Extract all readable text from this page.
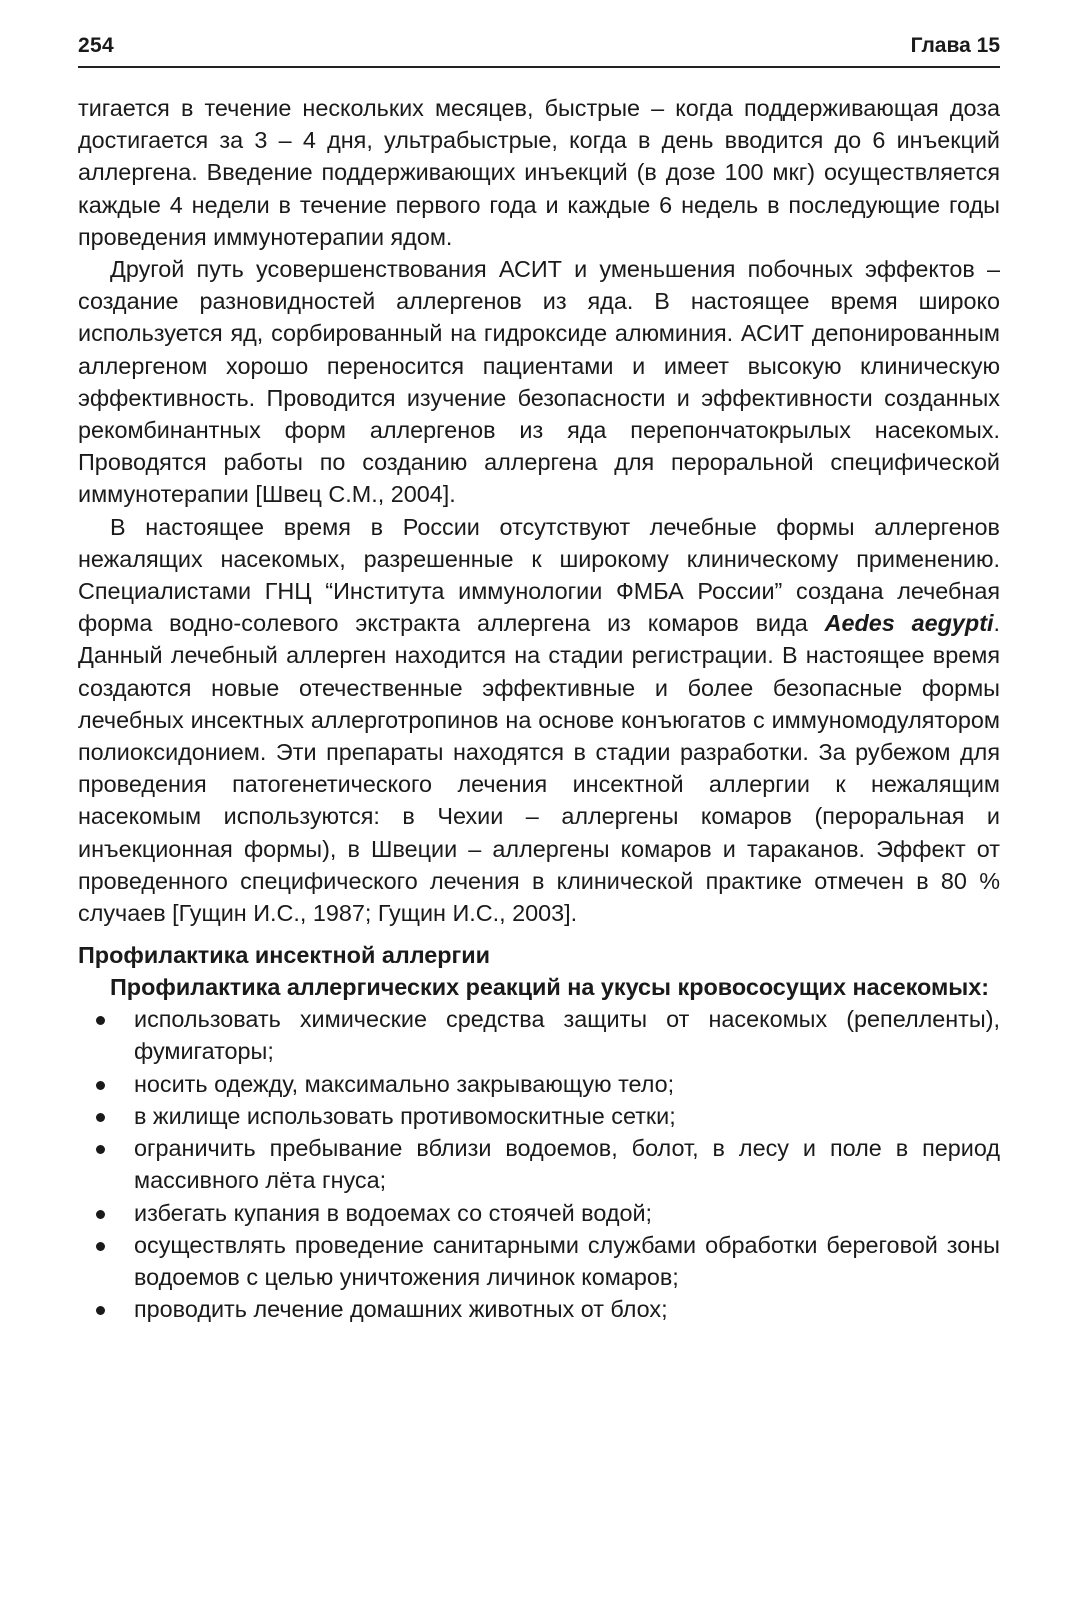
254	Глава 15

тигается в течение нескольких месяцев, быстрые – когда поддерживающая доза достигается за 3 – 4 дня, ультрабыстрые, когда в день вводится до 6 инъекций аллергена. Введение поддерживающих инъекций (в дозе 100 мкг) осуществляется каждые 4 недели в течение первого года и каждые 6 недель в последующие годы проведения иммунотерапии ядом.

Другой путь усовершенствования АСИТ и уменьшения побочных эффектов – создание разновидностей аллергенов из яда. В настоящее время широко используется яд, сорбированный на гидроксиде алюминия. АСИТ депонированным аллергеном хорошо переносится пациентами и имеет высокую клиническую эффективность. Проводится изучение безопасности и эффективности созданных рекомбинантных форм аллергенов из яда перепончатокрылых насекомых. Проводятся работы по созданию аллергена для пероральной специфической иммунотерапии [Швец С.М., 2004].

В настоящее время в России отсутствуют лечебные формы аллергенов нежалящих насекомых, разрешенные к широкому клиническому применению. Специалистами ГНЦ “Института иммунологии ФМБА России” создана лечебная форма водно-солевого экстракта аллергена из комаров вида Aedes aegypti. Данный лечебный аллерген находится на стадии регистрации. В настоящее время создаются новые отечественные эффективные и более безопасные формы лечебных инсектных аллерготропинов на основе конъюгатов с иммуномодулятором полиоксидонием. Эти препараты находятся в стадии разработки. За рубежом для проведения патогенетического лечения инсектной аллергии к нежалящим насекомым используются: в Чехии – аллергены комаров (пероральная и инъекционная формы), в Швеции – аллергены комаров и тараканов. Эффект от проведенного специфического лечения в клинической практике отмечен в 80 % случаев [Гущин И.С., 1987; Гущин И.С., 2003].

Профилактика инсектной аллергии

Профилактика аллергических реакций на укусы кровососущих насекомых:

использовать химические средства защиты от насекомых (репелленты), фумигаторы;
носить одежду, максимально закрывающую тело;
в жилище использовать противомоскитные сетки;
ограничить пребывание вблизи водоемов, болот, в лесу и поле в период массивного лёта гнуса;
избегать купания в водоемах со стоячей водой;
осуществлять проведение санитарными службами обработки береговой зоны водоемов с целью уничтожения личинок комаров;
проводить лечение домашних животных от блох;
